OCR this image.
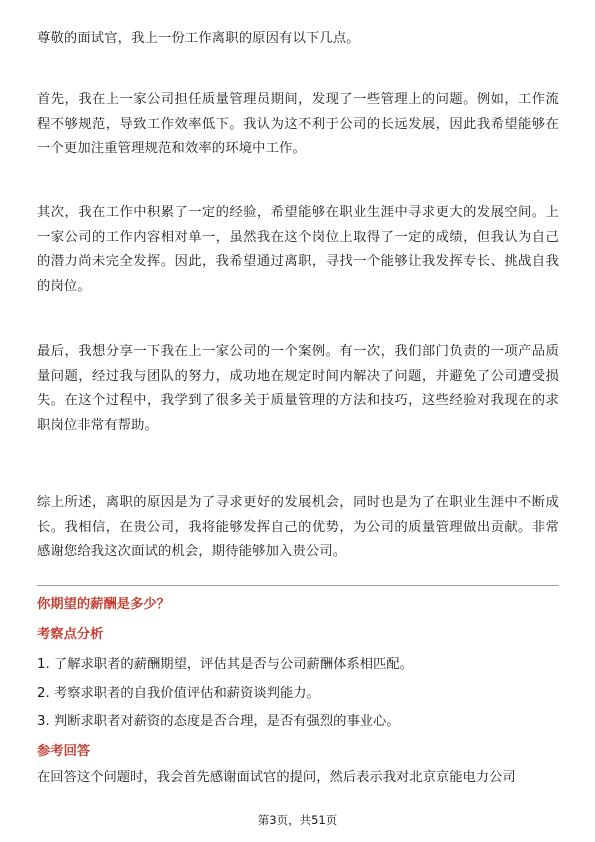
尊敬的面试官，我上一份工作离职的原因有以下几点。

首先，我在上一家公司担任质量管理员期间，发现了一些管理上的问题。例如，工作流程不够规范，导致工作效率低下。我认为这不利于公司的长远发展，因此我希望能够在一个更加注重管理规范和效率的环境中工作。

其次，我在工作中积累了一定的经验，希望能够在职业生涯中寻求更大的发展空间。上一家公司的工作内容相对单一，虽然我在这个岗位上取得了一定的成绩，但我认为自己的潜力尚未完全发挥。因此，我希望通过离职，寻找一个能够让我发挥专长、挑战自我的岗位。

最后，我想分享一下我在上一家公司的一个案例。有一次，我们部门负责的一项产品质量问题，经过我与团队的努力，成功地在规定时间内解决了问题，并避免了公司遭受损失。在这个过程中，我学到了很多关于质量管理的方法和技巧，这些经验对我现在的求职岗位非常有帮助。

综上所述，离职的原因是为了寻求更好的发展机会，同时也是为了在职业生涯中不断成长。我相信，在贵公司，我将能够发挥自己的优势，为公司的质量管理做出贡献。非常感谢您给我这次面试的机会，期待能够加入贵公司。

你期望的薪酬是多少？
考察点分析
1. 了解求职者的薪酬期望，评估其是否与公司薪酬体系相匹配。
2. 考察求职者的自我价值评估和薪资谈判能力。
3. 判断求职者对薪资的态度是否合理，是否有强烈的事业心。
参考回答

在回答这个问题时，我会首先感谢面试官的提问，然后表示我对北京京能电力公司

第3页，共51页
